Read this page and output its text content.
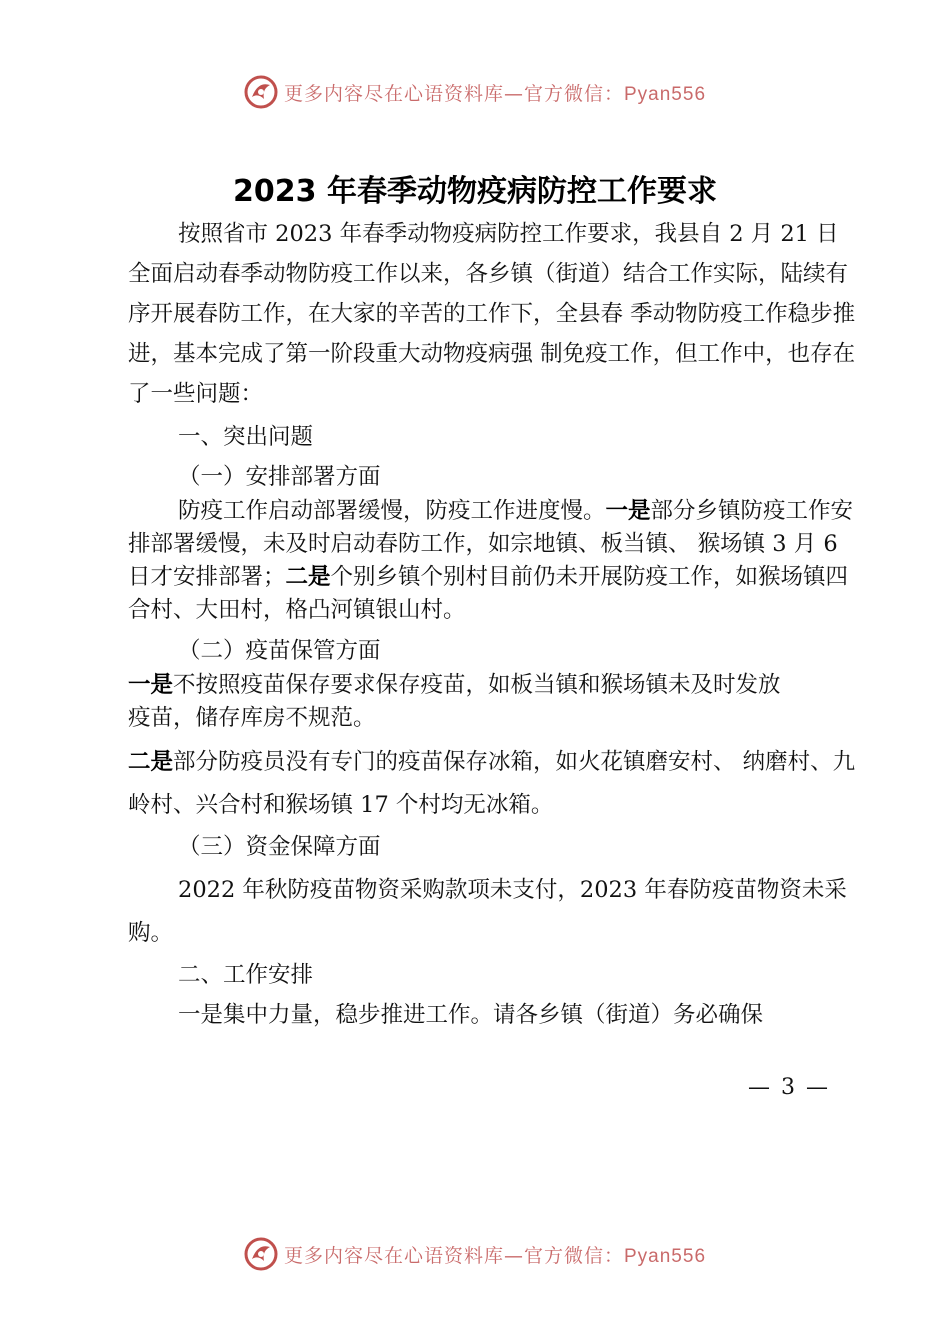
更多内容尽在心语资料库—官方微信：Pyan556
2023 年春季动物疫病防控工作要求

按照省市 2023 年春季动物疫病防控工作要求，我县自 2 月 21 日全面启动春季动物防疫工作以来，各乡镇（街道）结合工作实际，陆续有序开展春防工作，在大家的辛苦的工作下，全县春 季动物防疫工作稳步推进，基本完成了第一阶段重大动物疫病强 制免疫工作，但工作中，也存在了一些问题：

一、突出问题
（一）安排部署方面

防疫工作启动部署缓慢，防疫工作进度慢。一是部分乡镇防疫工作安排部署缓慢，未及时启动春防工作，如宗地镇、板当镇、 猴场镇 3 月 6 日才安排部署；二是个别乡镇个别村目前仍未开展防疫工作，如猴场镇四合村、大田村，格凸河镇银山村。

（二）疫苗保管方面

一是不按照疫苗保存要求保存疫苗，如板当镇和猴场镇未及时发放疫苗，储存库房不规范。

二是部分防疫员没有专门的疫苗保存冰箱，如火花镇磨安村、 纳磨村、九岭村、兴合村和猴场镇 17 个村均无冰箱。

（三）资金保障方面

2022 年秋防疫苗物资采购款项未支付，2023 年春防疫苗物资未采购。

二、工作安排

一是集中力量，稳步推进工作。请各乡镇（街道）务必确保

— 3 —
更多内容尽在心语资料库—官方微信：Pyan556
